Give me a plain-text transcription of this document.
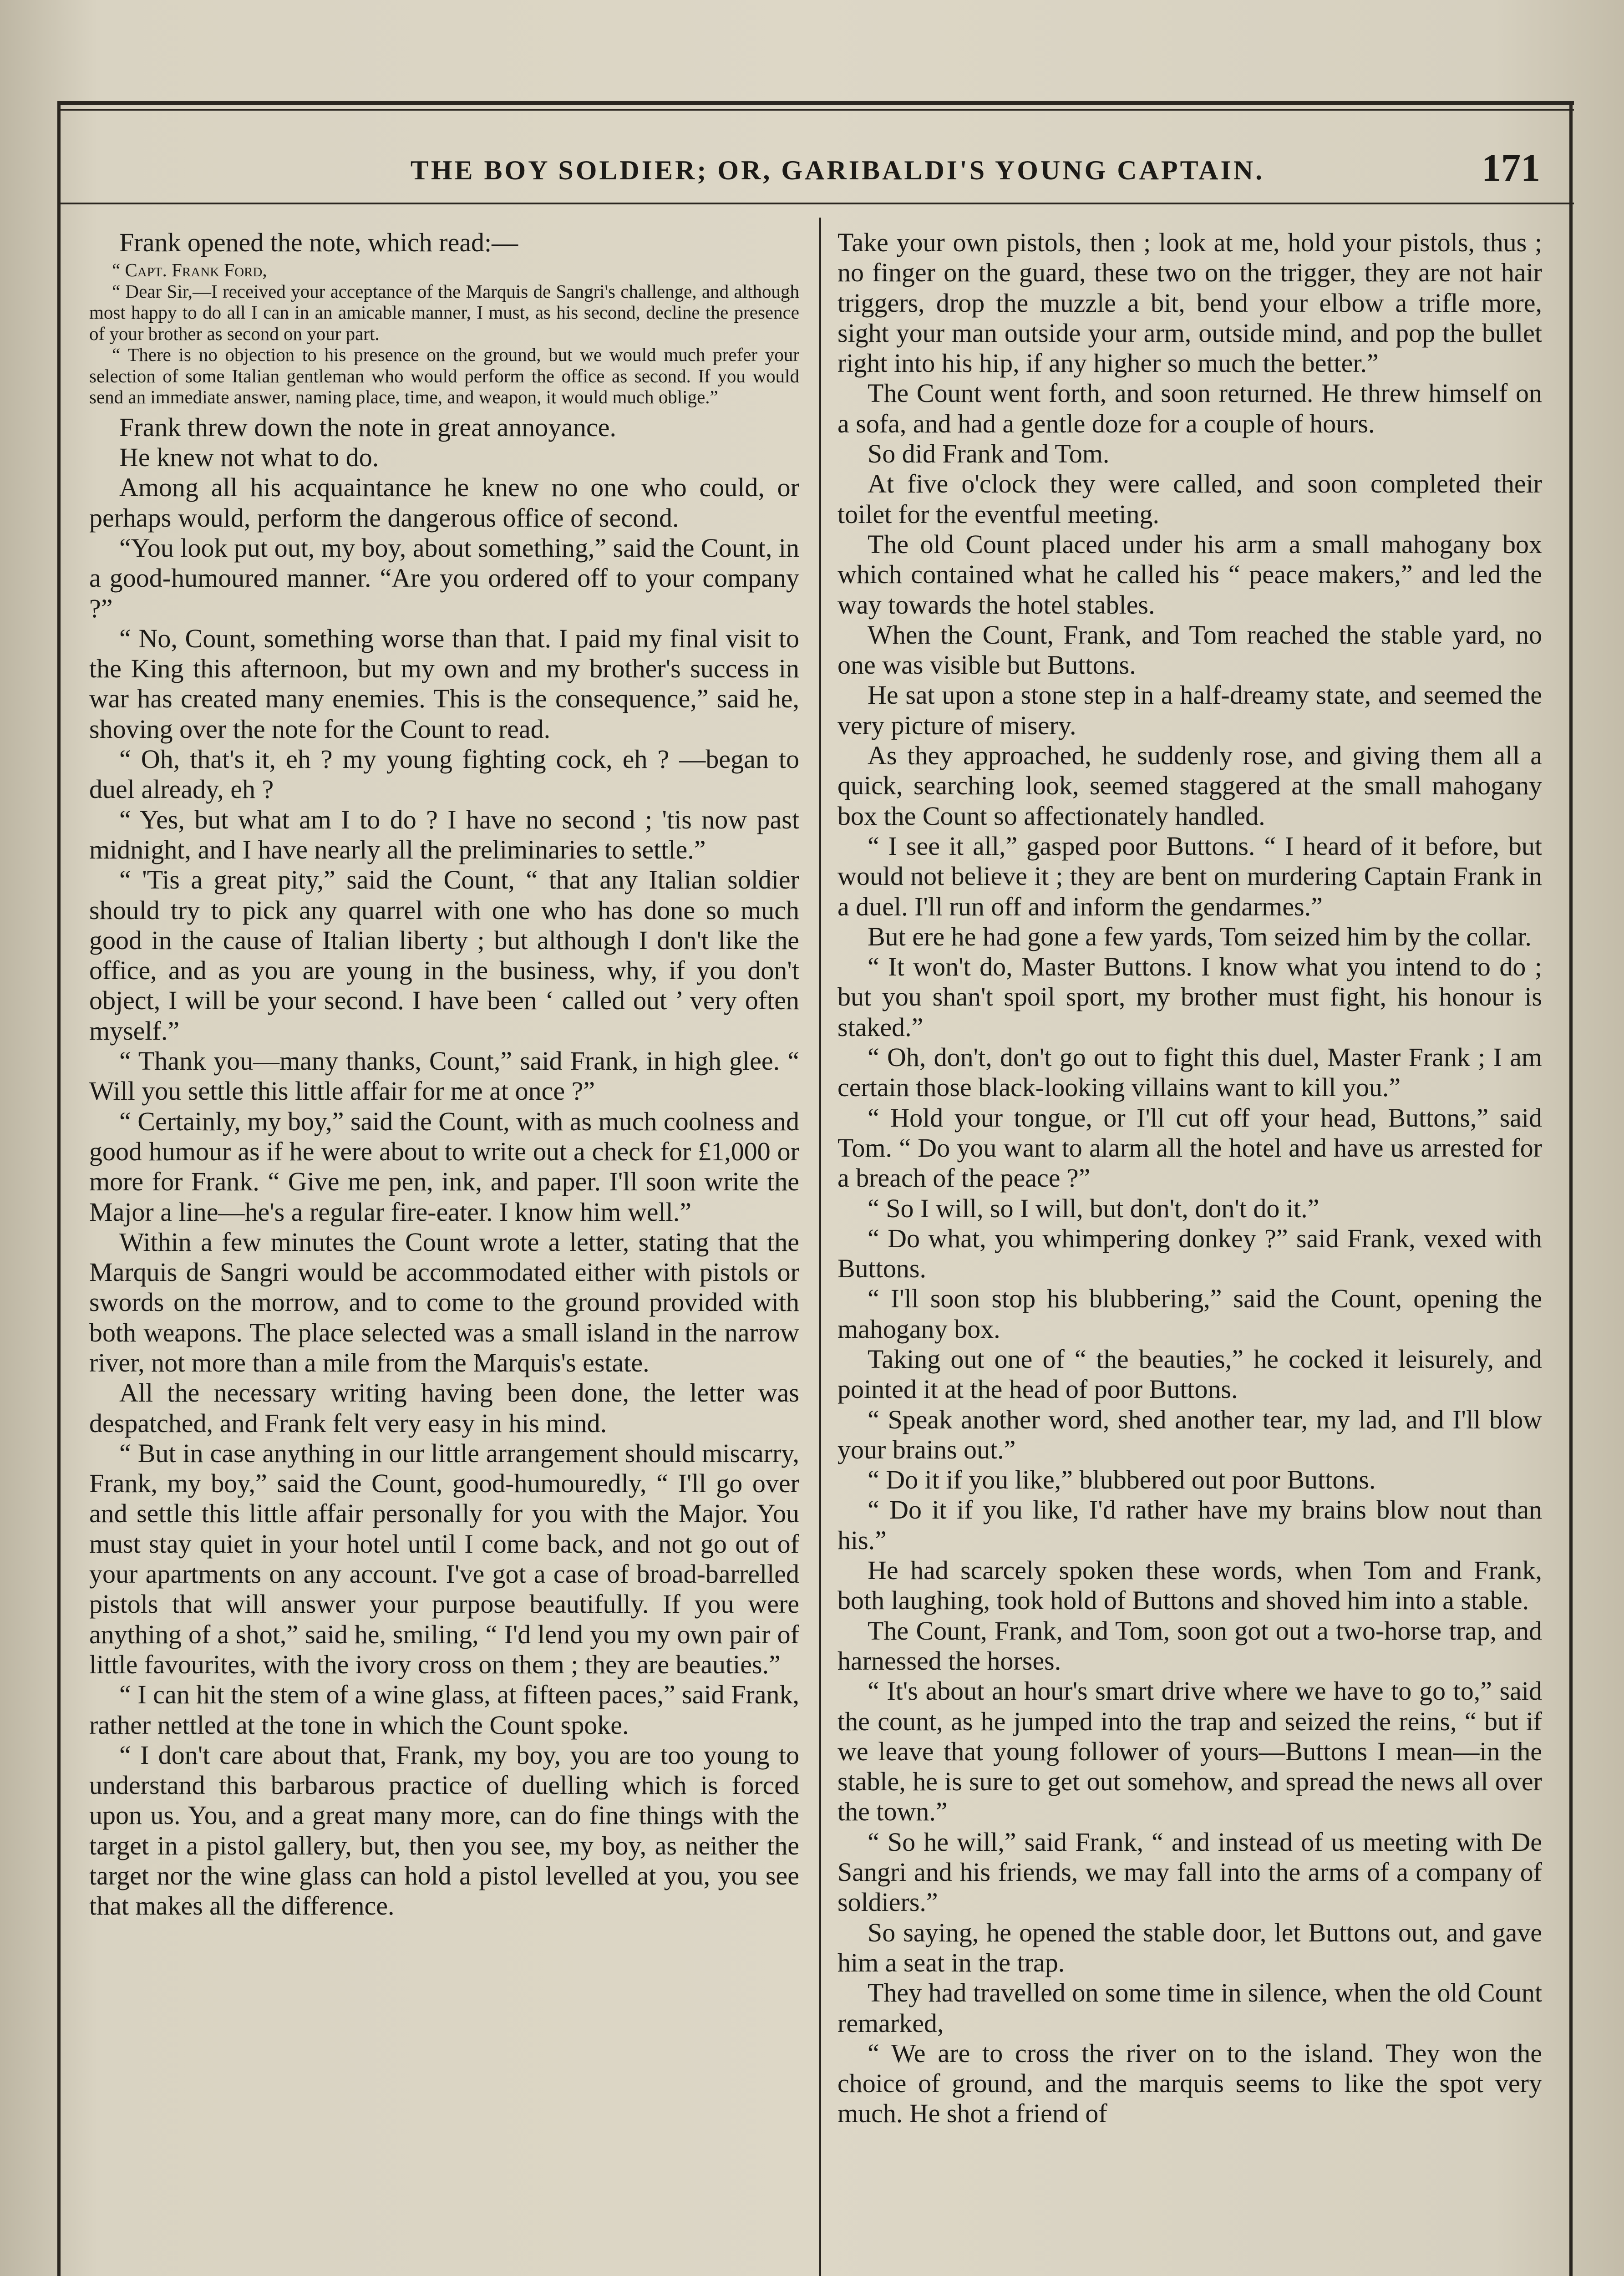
THE BOY SOLDIER; OR, GARIBALDI'S YOUNG CAPTAIN.	171

Frank opened the note, which read:—

“ Capt. Frank Ford,

“ Dear Sir,—I received your acceptance of the Marquis de Sangri's challenge, and although most happy to do all I can in an amicable manner, I must, as his second, decline the presence of your brother as second on your part.

“ There is no objection to his presence on the ground, but we would much prefer your selection of some Italian gentleman who would perform the office as second. If you would send an immediate answer, naming place, time, and weapon, it would much oblige.”

Frank threw down the note in great annoyance.

He knew not what to do.

Among all his acquaintance he knew no one who could, or perhaps would, perform the dangerous office of second.

“You look put out, my boy, about something,” said the Count, in a good-humoured manner. “Are you ordered off to your company ?”

“ No, Count, something worse than that. I paid my final visit to the King this afternoon, but my own and my brother's success in war has created many enemies. This is the consequence,” said he, shoving over the note for the Count to read.

“ Oh, that's it, eh ? my young fighting cock, eh ? —began to duel already, eh ?

“ Yes, but what am I to do ? I have no second ; 'tis now past midnight, and I have nearly all the preliminaries to settle.”

“ 'Tis a great pity,” said the Count, “ that any Italian soldier should try to pick any quarrel with one who has done so much good in the cause of Italian liberty ; but although I don't like the office, and as you are young in the business, why, if you don't object, I will be your second. I have been ‘ called out ’ very often myself.”

“ Thank you—many thanks, Count,” said Frank, in high glee. “ Will you settle this little affair for me at once ?”

“ Certainly, my boy,” said the Count, with as much coolness and good humour as if he were about to write out a check for £1,000 or more for Frank. “ Give me pen, ink, and paper. I'll soon write the Major a line—he's a regular fire-eater. I know him well.”

Within a few minutes the Count wrote a letter, stating that the Marquis de Sangri would be accommodated either with pistols or swords on the morrow, and to come to the ground provided with both weapons. The place selected was a small island in the narrow river, not more than a mile from the Marquis's estate.

All the necessary writing having been done, the letter was despatched, and Frank felt very easy in his mind.

“ But in case anything in our little arrangement should miscarry, Frank, my boy,” said the Count, good-humouredly, “ I'll go over and settle this little affair personally for you with the Major. You must stay quiet in your hotel until I come back, and not go out of your apartments on any account. I've got a case of broad-barrelled pistols that will answer your purpose beautifully. If you were anything of a shot,” said he, smiling, “ I'd lend you my own pair of little favourites, with the ivory cross on them ; they are beauties.”

“ I can hit the stem of a wine glass, at fifteen paces,” said Frank, rather nettled at the tone in which the Count spoke.

“ I don't care about that, Frank, my boy, you are too young to understand this barbarous practice of duelling which is forced upon us. You, and a great many more, can do fine things with the target in a pistol gallery, but, then you see, my boy, as neither the target nor the wine glass can hold a pistol levelled at you, you see that makes all the difference.

Take your own pistols, then ; look at me, hold your pistols, thus ; no finger on the guard, these two on the trigger, they are not hair triggers, drop the muzzle a bit, bend your elbow a trifle more, sight your man outside your arm, outside mind, and pop the bullet right into his hip, if any higher so much the better.”

The Count went forth, and soon returned. He threw himself on a sofa, and had a gentle doze for a couple of hours.

So did Frank and Tom.

At five o'clock they were called, and soon completed their toilet for the eventful meeting.

The old Count placed under his arm a small mahogany box which contained what he called his “ peace makers,” and led the way towards the hotel stables.

When the Count, Frank, and Tom reached the stable yard, no one was visible but Buttons.

He sat upon a stone step in a half-dreamy state, and seemed the very picture of misery.

As they approached, he suddenly rose, and giving them all a quick, searching look, seemed staggered at the small mahogany box the Count so affectionately handled.

“ I see it all,” gasped poor Buttons. “ I heard of it before, but would not believe it ; they are bent on murdering Captain Frank in a duel. I'll run off and inform the gendarmes.”

But ere he had gone a few yards, Tom seized him by the collar.

“ It won't do, Master Buttons. I know what you intend to do ; but you shan't spoil sport, my brother must fight, his honour is staked.”

“ Oh, don't, don't go out to fight this duel, Master Frank ; I am certain those black-looking villains want to kill you.”

“ Hold your tongue, or I'll cut off your head, Buttons,” said Tom. “ Do you want to alarm all the hotel and have us arrested for a breach of the peace ?”

“ So I will, so I will, but don't, don't do it.”

“ Do what, you whimpering donkey ?” said Frank, vexed with Buttons.

“ I'll soon stop his blubbering,” said the Count, opening the mahogany box.

Taking out one of “ the beauties,” he cocked it leisurely, and pointed it at the head of poor Buttons.

“ Speak another word, shed another tear, my lad, and I'll blow your brains out.”

“ Do it if you like,” blubbered out poor Buttons.

“ Do it if you like, I'd rather have my brains blow nout than his.”

He had scarcely spoken these words, when Tom and Frank, both laughing, took hold of Buttons and shoved him into a stable.

The Count, Frank, and Tom, soon got out a two-horse trap, and harnessed the horses.

“ It's about an hour's smart drive where we have to go to,” said the count, as he jumped into the trap and seized the reins, “ but if we leave that young follower of yours—Buttons I mean—in the stable, he is sure to get out somehow, and spread the news all over the town.”

“ So he will,” said Frank, “ and instead of us meeting with De Sangri and his friends, we may fall into the arms of a company of soldiers.”

So saying, he opened the stable door, let Buttons out, and gave him a seat in the trap.

They had travelled on some time in silence, when the old Count remarked,

“ We are to cross the river on to the island. They won the choice of ground, and the marquis seems to like the spot very much. He shot a friend of
